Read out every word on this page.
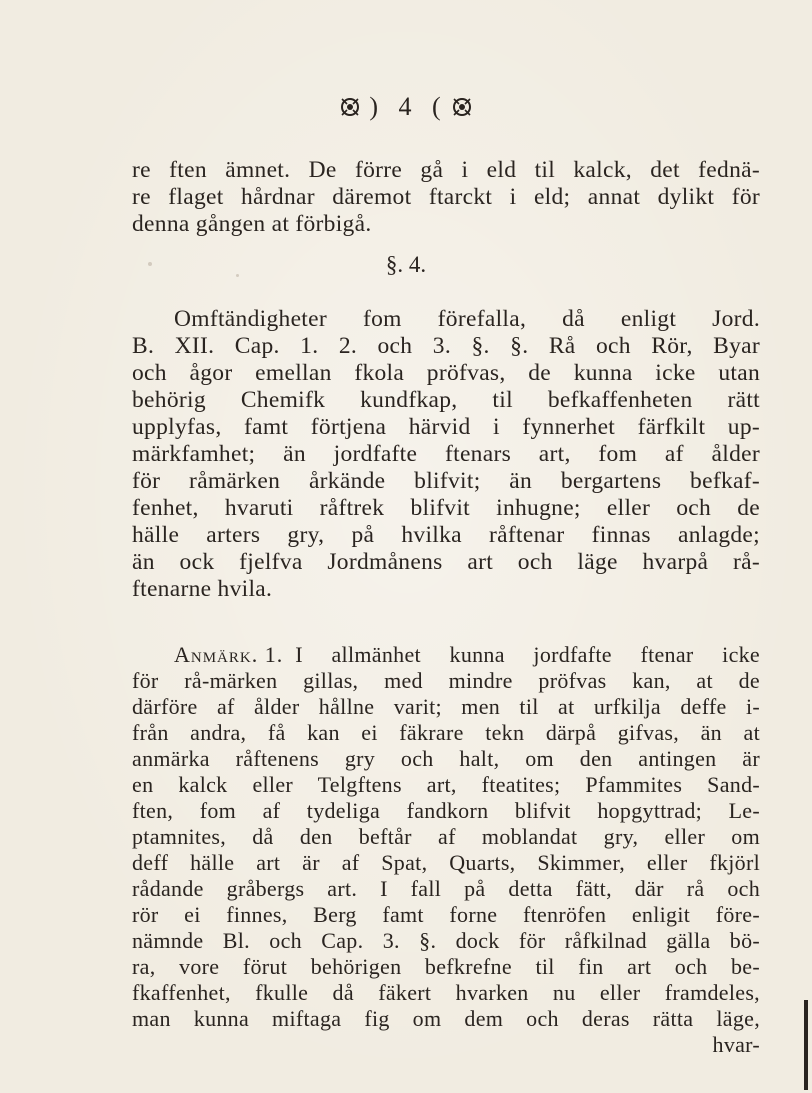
) 4 (
re ften ämnet. De förre gå i eld til kalck, det fednä-
re flaget hårdnar däremot ftarckt i eld; annat dylikt för
denna gången at förbigå.
§. 4.
Omftändigheter fom förefalla, då enligt Jord.
B. XII. Cap. 1. 2. och 3. §. §. Rå och Rör, Byar
och ågor emellan fkola pröfvas, de kunna icke utan
behörig Chemifk kundfkap, til befkaffenheten rätt
upplyfas, famt förtjena härvid i fynnerhet färfkilt up-
märkfamhet; än jordfafte ftenars art, fom af ålder
för råmärken årkände blifvit; än bergartens befkaf-
fenhet, hvaruti råftrek blifvit inhugne; eller och de
hälle arters gry, på hvilka råftenar finnas anlagde;
än ock fjelfva Jordmånens art och läge hvarpå rå-
ftenarne hvila.
Anmärk. 1. I allmänhet kunna jordfafte ftenar icke
för rå-märken gillas, med mindre pröfvas kan, at de
därföre af ålder hållne varit; men til at urfkilja deffe i-
från andra, få kan ei fäkrare tekn därpå gifvas, än at
anmärka råftenens gry och halt, om den antingen är
en kalck eller Telgftens art, fteatites; Pfammites Sand-
ften, fom af tydeliga fandkorn blifvit hopgyttrad; Le-
ptamnites, då den beftår af moblandat gry, eller om
deff hälle art är af Spat, Quarts, Skimmer, eller fkjörl
rådande gråbergs art. I fall på detta fätt, där rå och
rör ei finnes, Berg famt forne ftenröfen enligit före-
nämnde Bl. och Cap. 3. §. dock för råfkilnad gälla bö-
ra, vore förut behörigen befkrefne til fin art och be-
fkaffenhet, fkulle då fäkert hvarken nu eller framdeles,
man kunna miftaga fig om dem och deras rätta läge,
hvar-
